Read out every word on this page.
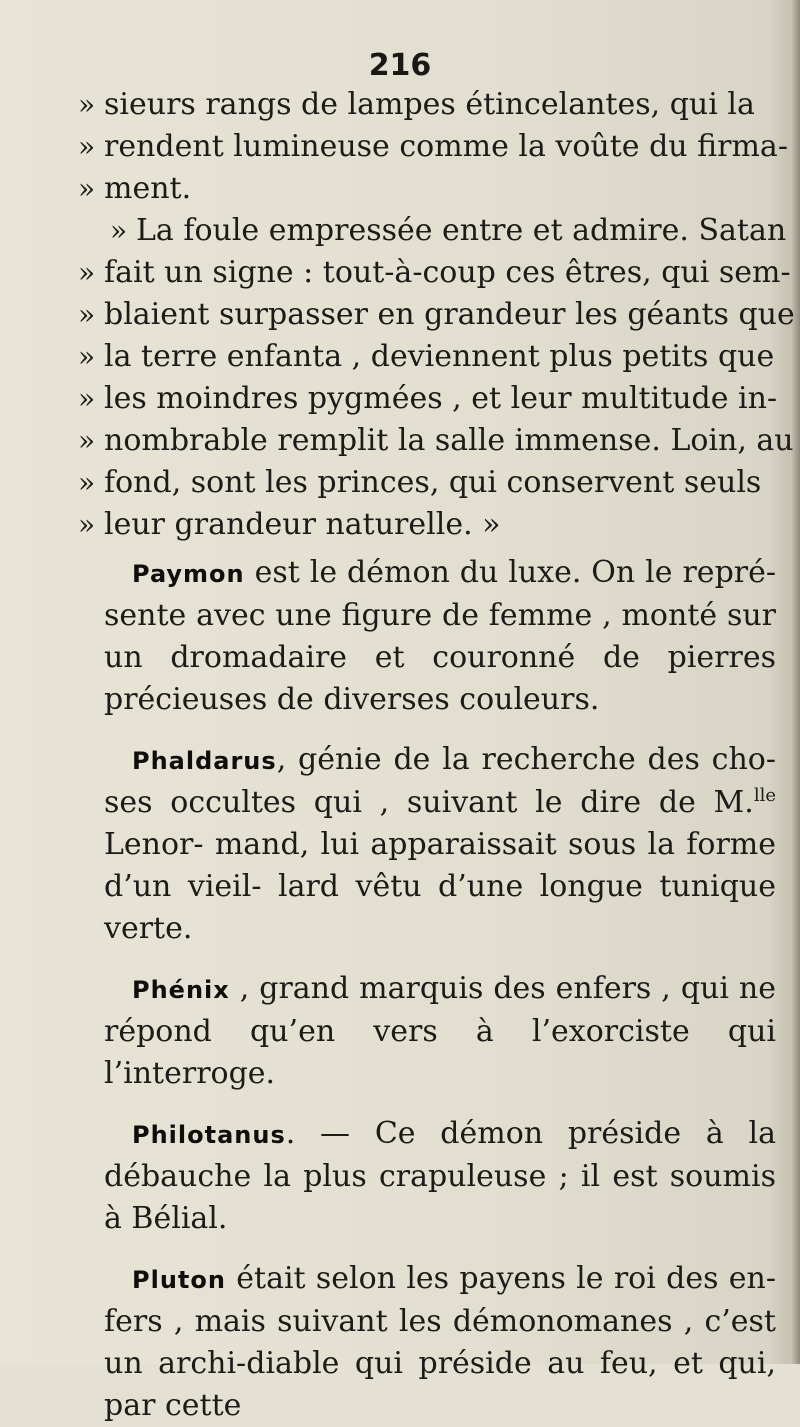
216
» sieurs rangs de lampes étincelantes, qui la
» rendent lumineuse comme la voûte du firma-
» ment.
» La foule empressée entre et admire. Satan
» fait un signe : tout-à-coup ces êtres, qui sem-
» blaient surpasser en grandeur les géants que
» la terre enfanta , deviennent plus petits que
» les moindres pygmées , et leur multitude in-
» nombrable remplit la salle immense. Loin, au
» fond, sont les princes, qui conservent seuls
» leur grandeur naturelle. »

Paymon est le démon du luxe. On le repré- sente avec une figure de femme , monté sur un dromadaire et couronné de pierres précieuses de diverses couleurs.

Phaldarus, génie de la recherche des cho- ses occultes qui , suivant le dire de M.$^{lle}$ Lenor- mand, lui apparaissait sous la forme d’un vieil- lard vêtu d’une longue tunique verte.

Phénix , grand marquis des enfers , qui ne répond qu’en vers à l’exorciste qui l’interroge.

Philotanus. — Ce démon préside à la débauche la plus crapuleuse ; il est soumis à Bélial.

Pluton était selon les payens le roi des en- fers , mais suivant les démonomanes , c’est un archi-diable qui préside au feu, et qui, par cette
